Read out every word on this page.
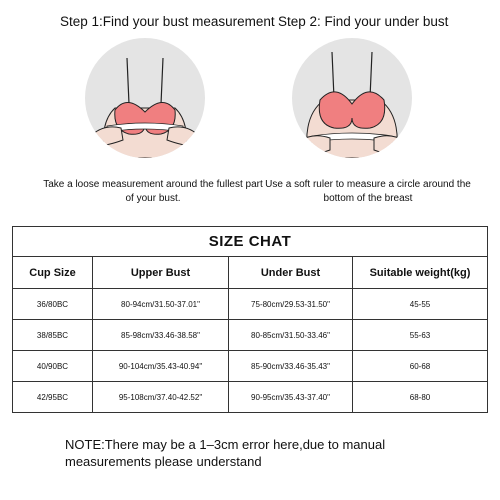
Step 1:Find your bust measurement Step 2: Find your under bust
Take a loose measurement around the fullest part of your bust.
Use a soft ruler to measure a circle around the bottom of the breast
SIZE CHAT			
Cup Size	Upper Bust	Under Bust	Suitable weight(kg)
36/80BC	80-94cm/31.50-37.01"	75-80cm/29.53-31.50"	45-55
38/85BC	85-98cm/33.46-38.58"	80-85cm/31.50-33.46"	55-63
40/90BC	90-104cm/35.43-40.94"	85-90cm/33.46-35.43"	60-68
42/95BC	95-108cm/37.40-42.52"	90-95cm/35.43-37.40"	68-80
NOTE:There may be a 1–3cm error here,due to manual measurements please understand
